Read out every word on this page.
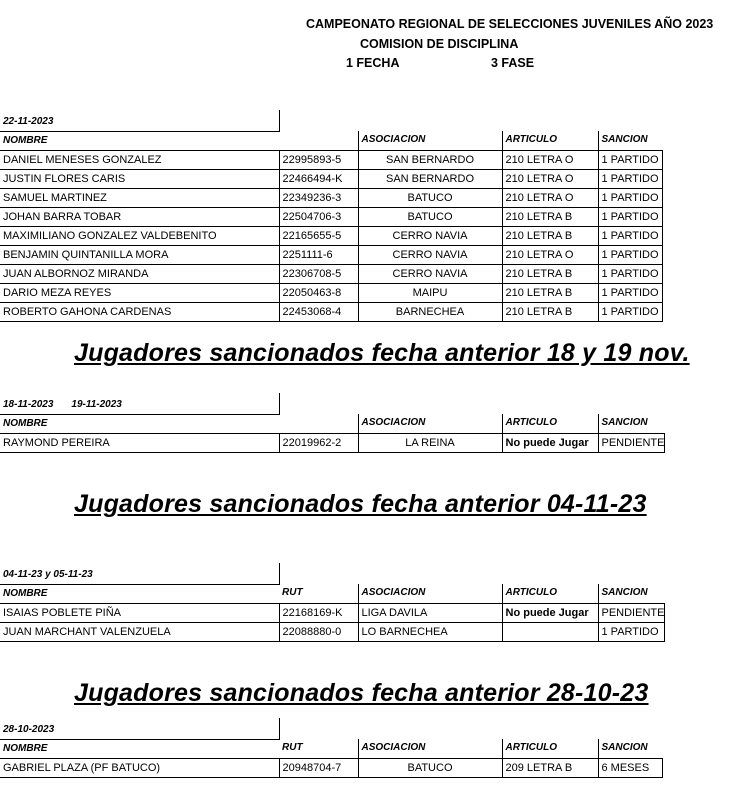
CAMPEONATO REGIONAL DE SELECCIONES JUVENILES AÑO 2023
COMISION DE DISCIPLINA
1 FECHA	3 FASE
22-11-2023				
NOMBRE		ASOCIACION	ARTICULO	SANCION
DANIEL MENESES GONZALEZ	22995893-5	SAN BERNARDO	210 LETRA O	1 PARTIDO
JUSTIN FLORES CARIS	22466494-K	SAN BERNARDO	210 LETRA O	1 PARTIDO
SAMUEL MARTINEZ	22349236-3	BATUCO	210 LETRA O	1 PARTIDO
JOHAN BARRA TOBAR	22504706-3	BATUCO	210 LETRA B	1 PARTIDO
MAXIMILIANO GONZALEZ VALDEBENITO	22165655-5	CERRO NAVIA	210 LETRA B	1 PARTIDO
BENJAMIN QUINTANILLA MORA	2251111-6	CERRO NAVIA	210 LETRA O	1 PARTIDO
JUAN ALBORNOZ MIRANDA	22306708-5	CERRO NAVIA	210 LETRA B	1 PARTIDO
DARIO MEZA REYES	22050463-8	MAIPU	210 LETRA B	1 PARTIDO
ROBERTO GAHONA CARDENAS	22453068-4	BARNECHEA	210 LETRA B	1 PARTIDO
Jugadores sancionados fecha anterior 18 y 19 nov.
18-11-2023 19-11-2023				
NOMBRE		ASOCIACION	ARTICULO	SANCION
RAYMOND PEREIRA	22019962-2	LA REINA	No puede Jugar	PENDIENTE
Jugadores sancionados fecha anterior 04-11-23
04-11-23 y 05-11-23				
NOMBRE	RUT	ASOCIACION	ARTICULO	SANCION
ISAIAS POBLETE PIÑA	22168169-K	LIGA DAVILA	No puede Jugar	PENDIENTE
JUAN MARCHANT VALENZUELA	22088880-0	LO BARNECHEA		1 PARTIDO
Jugadores sancionados fecha anterior 28-10-23
28-10-2023				
NOMBRE	RUT	ASOCIACION	ARTICULO	SANCION
GABRIEL PLAZA (PF BATUCO)	20948704-7	BATUCO	209 LETRA B	6 MESES
